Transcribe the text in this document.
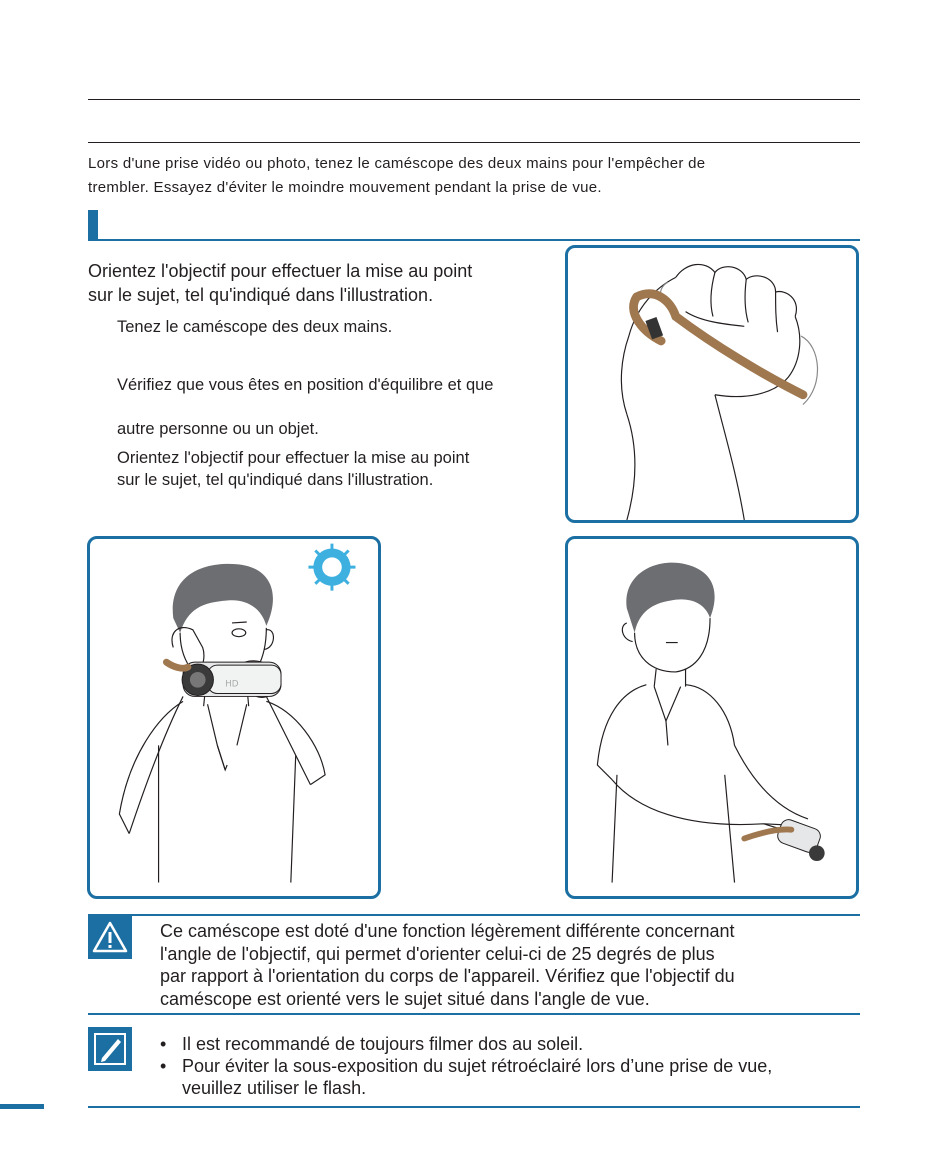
Lors d'une prise vidéo ou photo, tenez le caméscope des deux mains pour l'empêcher de
trembler. Essayez d'éviter le moindre mouvement pendant la prise de vue.
Orientez l'objectif pour effectuer la mise au point
sur le sujet, tel qu'indiqué dans l'illustration.
Tenez le caméscope des deux mains.
Vérifiez que vous êtes en position d'équilibre et que
autre personne ou un objet.
Orientez l'objectif pour effectuer la mise au point
sur le sujet, tel qu'indiqué dans l'illustration.
HD
Ce caméscope est doté d'une fonction légèrement différente concernant
l'angle de l'objectif, qui permet d'orienter celui-ci de 25 degrés de plus
par rapport à l'orientation du corps de l'appareil. Vérifiez que l'objectif du
caméscope est orienté vers le sujet situé dans l'angle de vue.
• Il est recommandé de toujours filmer dos au soleil.
• Pour éviter la sous-exposition du sujet rétroéclairé lors d’une prise de vue,
veuillez utiliser le flash.
